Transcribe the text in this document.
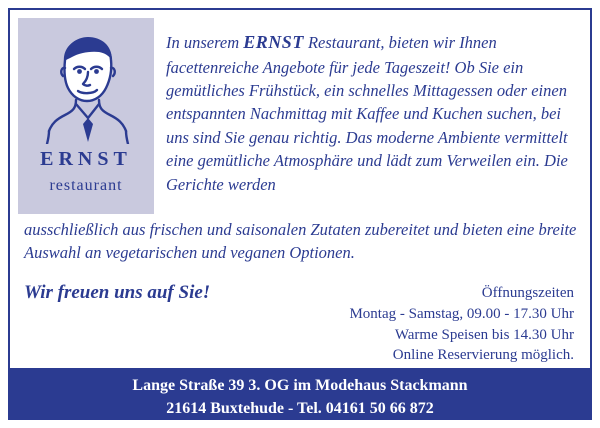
ERNST
restaurant
In unserem ERNST Restaurant, bieten wir Ihnen facettenreiche Angebote für jede Tageszeit! Ob Sie ein gemütliches Frühstück, ein schnelles Mittagessen oder einen entspannten Nachmittag mit Kaffee und Kuchen suchen, bei uns sind Sie genau richtig. Das moderne Ambiente vermittelt eine gemütliche Atmosphäre und lädt zum Verweilen ein. Die Gerichte werden
ausschließlich aus frischen und saisonalen Zutaten zubereitet und bieten eine breite Auswahl an vegetarischen und veganen Optionen.
Wir freuen uns auf Sie!	Öffnungszeiten
Montag - Samstag, 09.00 - 17.30 Uhr
Warme Speisen bis 14.30 Uhr
Online Reservierung möglich.
Lange Straße 39 3. OG im Modehaus Stackmann
21614 Buxtehude - Tel. 04161 50 66 872
